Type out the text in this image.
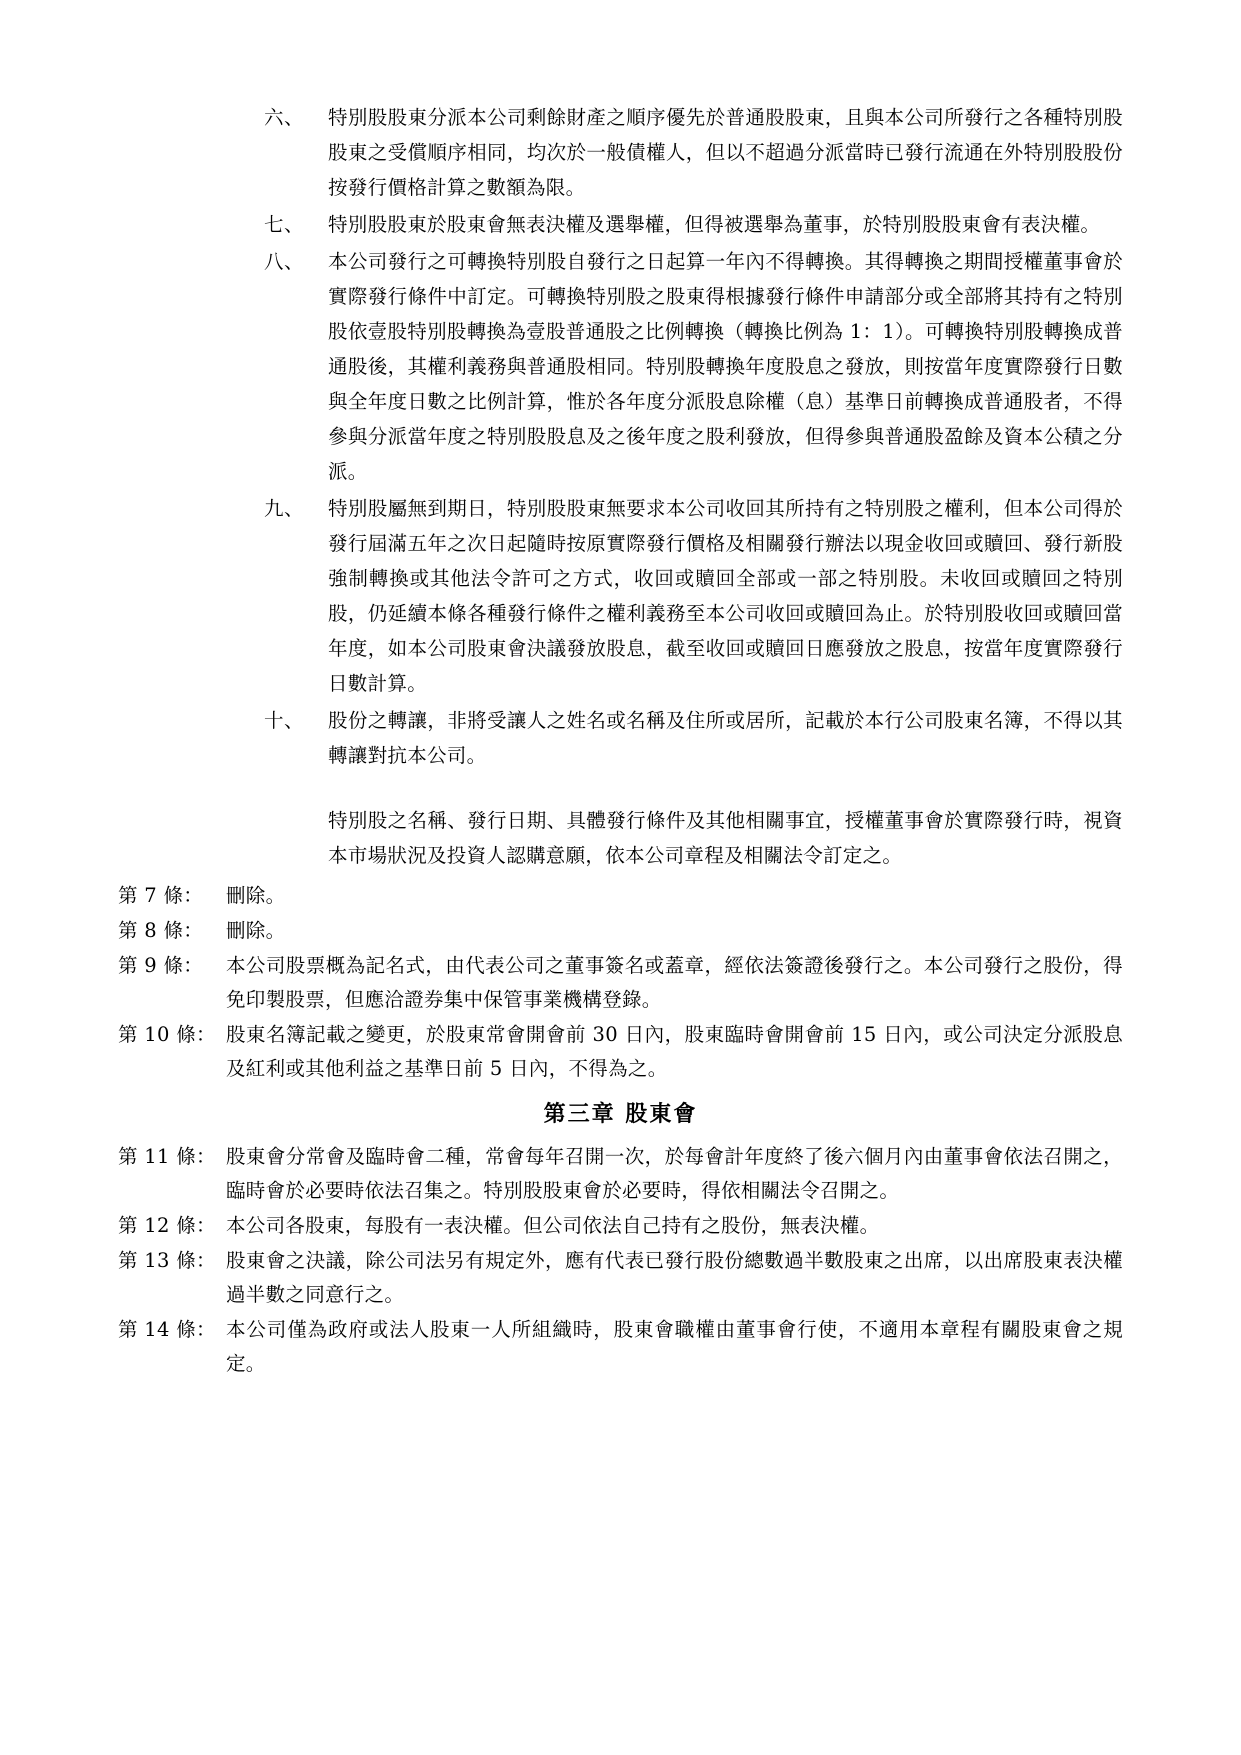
六、	特別股股東分派本公司剩餘財產之順序優先於普通股股東，且與本公司所發行之各種特別股股東之受償順序相同，均次於一般債權人，但以不超過分派當時已發行流通在外特別股股份按發行價格計算之數額為限。
七、	特別股股東於股東會無表決權及選舉權，但得被選舉為董事，於特別股股東會有表決權。
八、	本公司發行之可轉換特別股自發行之日起算一年內不得轉換。其得轉換之期間授權董事會於實際發行條件中訂定。可轉換特別股之股東得根據發行條件申請部分或全部將其持有之特別股依壹股特別股轉換為壹股普通股之比例轉換（轉換比例為 1：1）。可轉換特別股轉換成普通股後，其權利義務與普通股相同。特別股轉換年度股息之發放，則按當年度實際發行日數與全年度日數之比例計算，惟於各年度分派股息除權（息）基準日前轉換成普通股者，不得參與分派當年度之特別股股息及之後年度之股利發放，但得參與普通股盈餘及資本公積之分派。
九、	特別股屬無到期日，特別股股東無要求本公司收回其所持有之特別股之權利，但本公司得於發行屆滿五年之次日起隨時按原實際發行價格及相關發行辦法以現金收回或贖回、發行新股強制轉換或其他法令許可之方式，收回或贖回全部或一部之特別股。未收回或贖回之特別股，仍延續本條各種發行條件之權利義務至本公司收回或贖回為止。於特別股收回或贖回當年度，如本公司股東會決議發放股息，截至收回或贖回日應發放之股息，按當年度實際發行日數計算。
十、	股份之轉讓，非將受讓人之姓名或名稱及住所或居所，記載於本行公司股東名簿，不得以其轉讓對抗本公司。
特別股之名稱、發行日期、具體發行條件及其他相關事宜，授權董事會於實際發行時，視資本市場狀況及投資人認購意願，依本公司章程及相關法令訂定之。
第 7 條：	刪除。
第 8 條：	刪除。
第 9 條：	本公司股票概為記名式，由代表公司之董事簽名或蓋章，經依法簽證後發行之。本公司發行之股份，得免印製股票，但應洽證券集中保管事業機構登錄。
第 10 條： 股東名簿記載之變更，於股東常會開會前 30 日內，股東臨時會開會前 15 日內，或公司決定分派股息及紅利或其他利益之基準日前 5 日內，不得為之。
第三章 股東會
第 11 條： 股東會分常會及臨時會二種，常會每年召開一次，於每會計年度終了後六個月內由董事會依法召開之，臨時會於必要時依法召集之。特別股股東會於必要時，得依相關法令召開之。
第 12 條： 本公司各股東，每股有一表決權。但公司依法自己持有之股份，無表決權。
第 13 條： 股東會之決議，除公司法另有規定外，應有代表已發行股份總數過半數股東之出席，以出席股東表決權過半數之同意行之。
第 14 條： 本公司僅為政府或法人股東一人所組織時，股東會職權由董事會行使，不適用本章程有關股東會之規定。
